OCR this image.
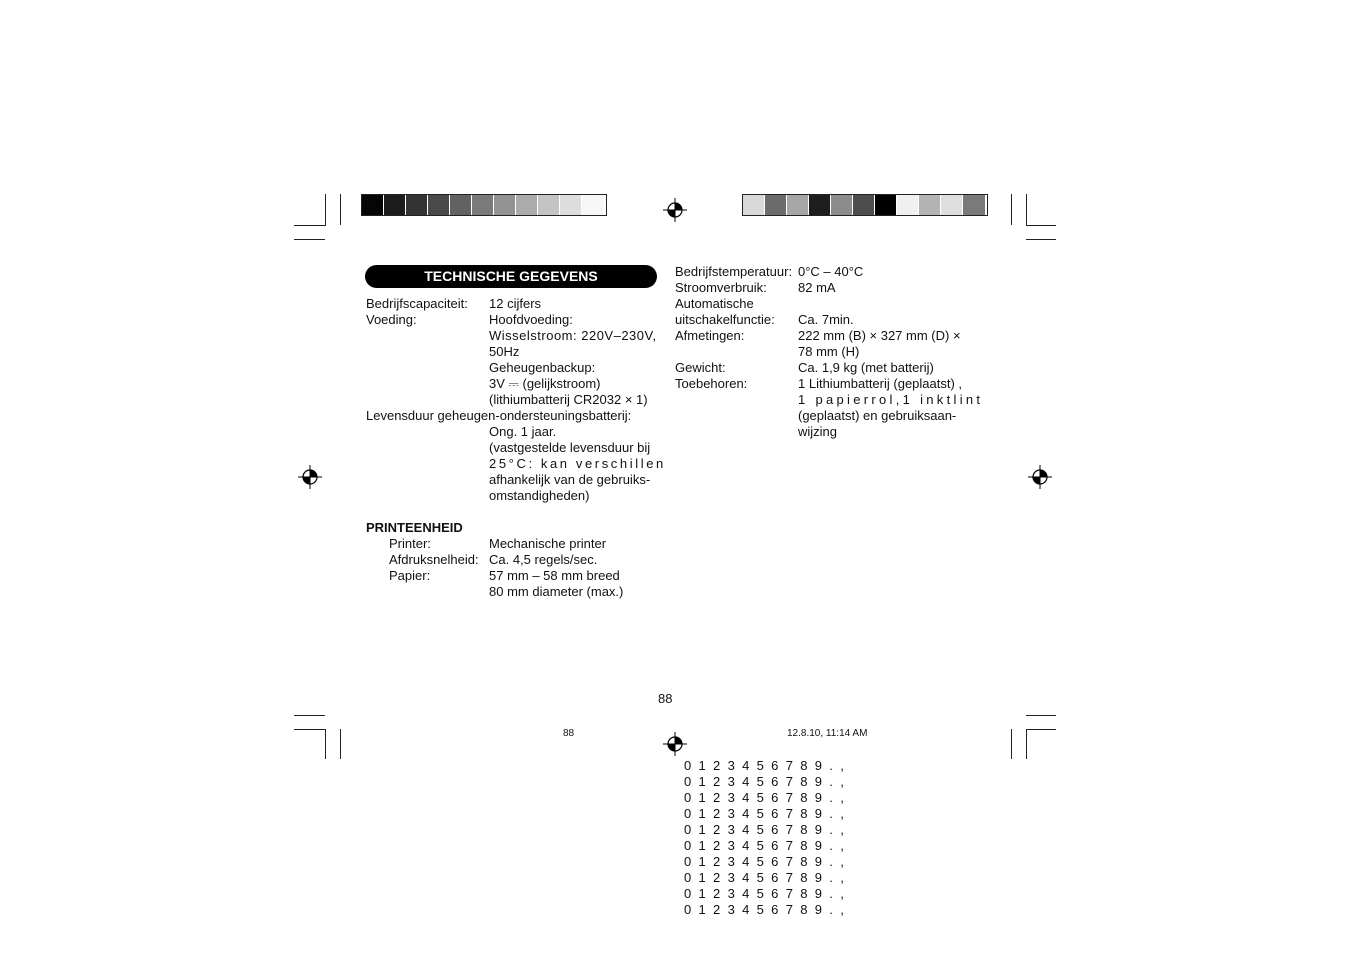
TECHNISCHE GEGEVENS
Bedrijfscapaciteit: 12 cijfers
Voeding:	Hoofdvoeding:
Wisselstroom: 220V–230V,
50Hz
Geheugenbackup:
3V ⎓ (gelijkstroom)
(lithiumbatterij CR2032 × 1)
Levensduur geheugen-ondersteuningsbatterij:
Ong. 1 jaar.
(vastgestelde levensduur bij
25°C: kan verschillen
afhankelijk van de gebruiks-
omstandigheden)
PRINTEENHEID
Printer:	Mechanische printer
Afdruksnelheid: Ca. 4,5 regels/sec.
Papier:	57 mm – 58 mm breed
80 mm diameter (max.)
Bedrijfstemperatuur: 0°C – 40°C
Stroomverbruik: 82 mA
Automatische
uitschakelfunctie: Ca. 7min.
Afmetingen:	222 mm (B) × 327 mm (D) ×
78 mm (H)
Gewicht:	Ca. 1,9 kg (met batterij)
Toebehoren:	1 Lithiumbatterij (geplaatst) ,
1 papierrol,1 inktlint
(geplaatst) en gebruiksaan-
wijzing
88
88	12.8.10, 11:14 AM
0123456789.,
0123456789.,
0123456789.,
0123456789.,
0123456789.,
0123456789.,
0123456789.,
0123456789.,
0123456789.,
0123456789.,
